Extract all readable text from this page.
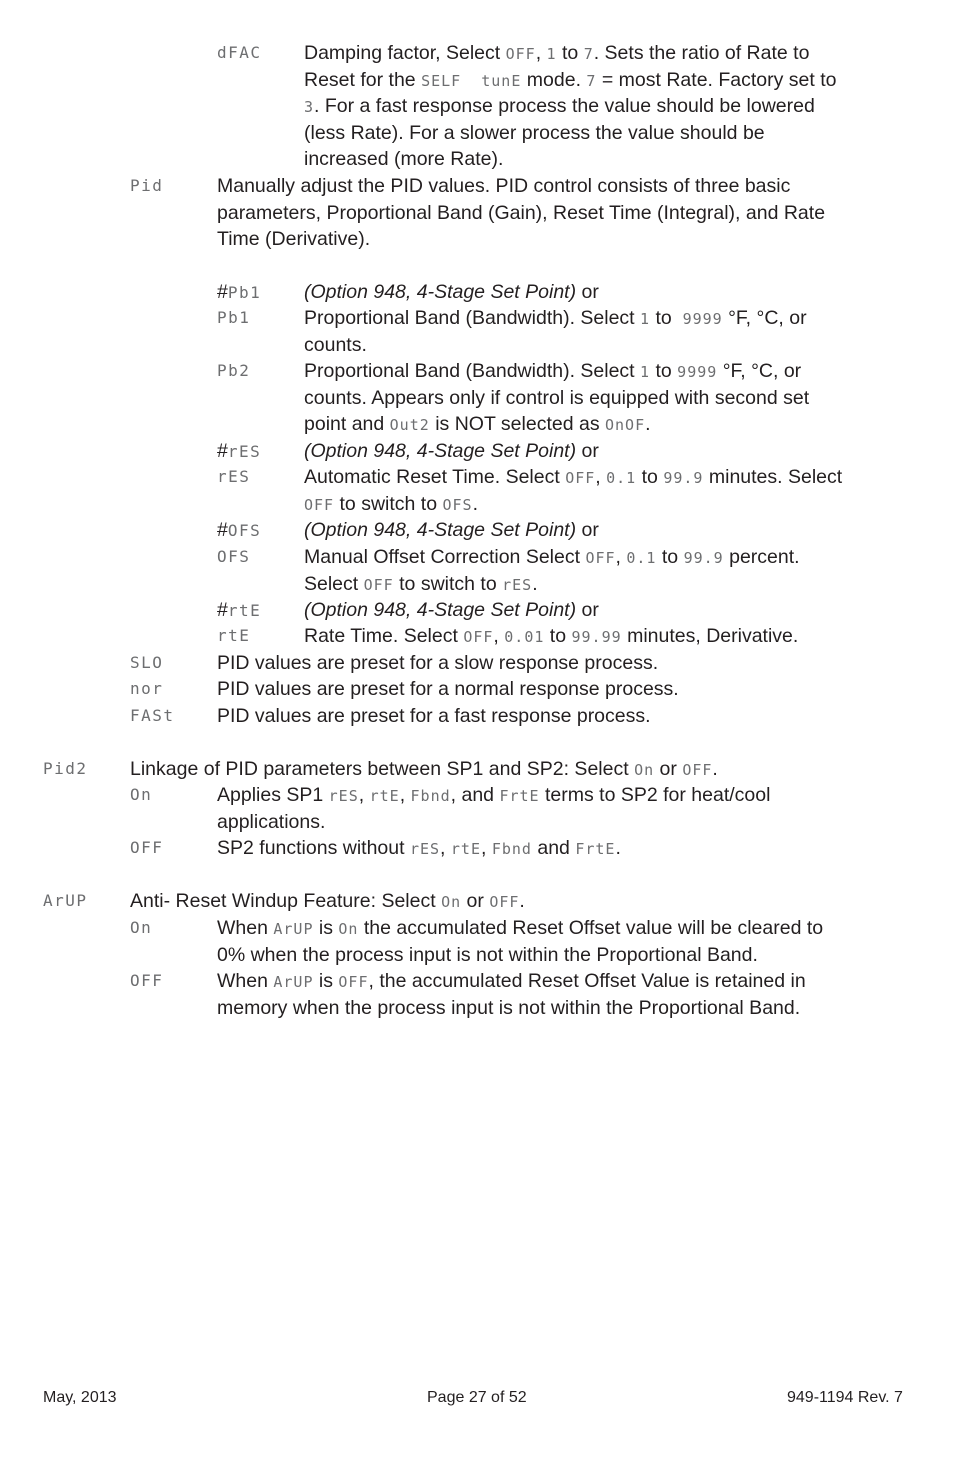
dFAC Damping factor, Select OFF, 1 to 7. Sets the ratio of Rate to
Reset for the SELF  tunE mode. 7 = most Rate. Factory set to
3. For a fast response process the value should be lowered
(less Rate). For a slower process the value should be
increased (more Rate).
Pid	Manually adjust the PID values. PID control consists of three basic
parameters, Proportional Band (Gain), Reset Time (Integral), and Rate
Time (Derivative).
#Pb1 (Option 948, 4-Stage Set Point) or
Pb1	Proportional Band (Bandwidth). Select 1 to  9999 °F, °C, or
counts.
Pb2	Proportional Band (Bandwidth). Select 1 to 9999 °F, °C, or
counts. Appears only if control is equipped with second set
point and Out2 is NOT selected as OnOF.
#rES (Option 948, 4-Stage Set Point) or
rES	Automatic Reset Time. Select OFF, 0.1 to 99.9 minutes. Select
OFF to switch to OFS.
#OFS (Option 948, 4-Stage Set Point) or
OFS	Manual Offset Correction Select OFF, 0.1 to 99.9 percent.
Select OFF to switch to rES.
#rtE (Option 948, 4-Stage Set Point) or
rtE	Rate Time. Select OFF, 0.01 to 99.99 minutes, Derivative.
SLO	PID values are preset for a slow response process.
nor	PID values are preset for a normal response process.
FASt PID values are preset for a fast response process.
Pid2 Linkage of PID parameters between SP1 and SP2: Select On or OFF.
On	Applies SP1 rES, rtE, Fbnd, and FrtE terms to SP2 for heat/cool
applications.
OFF	SP2 functions without rES, rtE, Fbnd and FrtE.
ArUP Anti- Reset Windup Feature: Select On or OFF.
On	When ArUP is On the accumulated Reset Offset value will be cleared to
0% when the process input is not within the Proportional Band.
OFF	When ArUP is OFF, the accumulated Reset Offset Value is retained in
memory when the process input is not within the Proportional Band.
May, 2013	Page 27 of 52	949-1194 Rev. 7
